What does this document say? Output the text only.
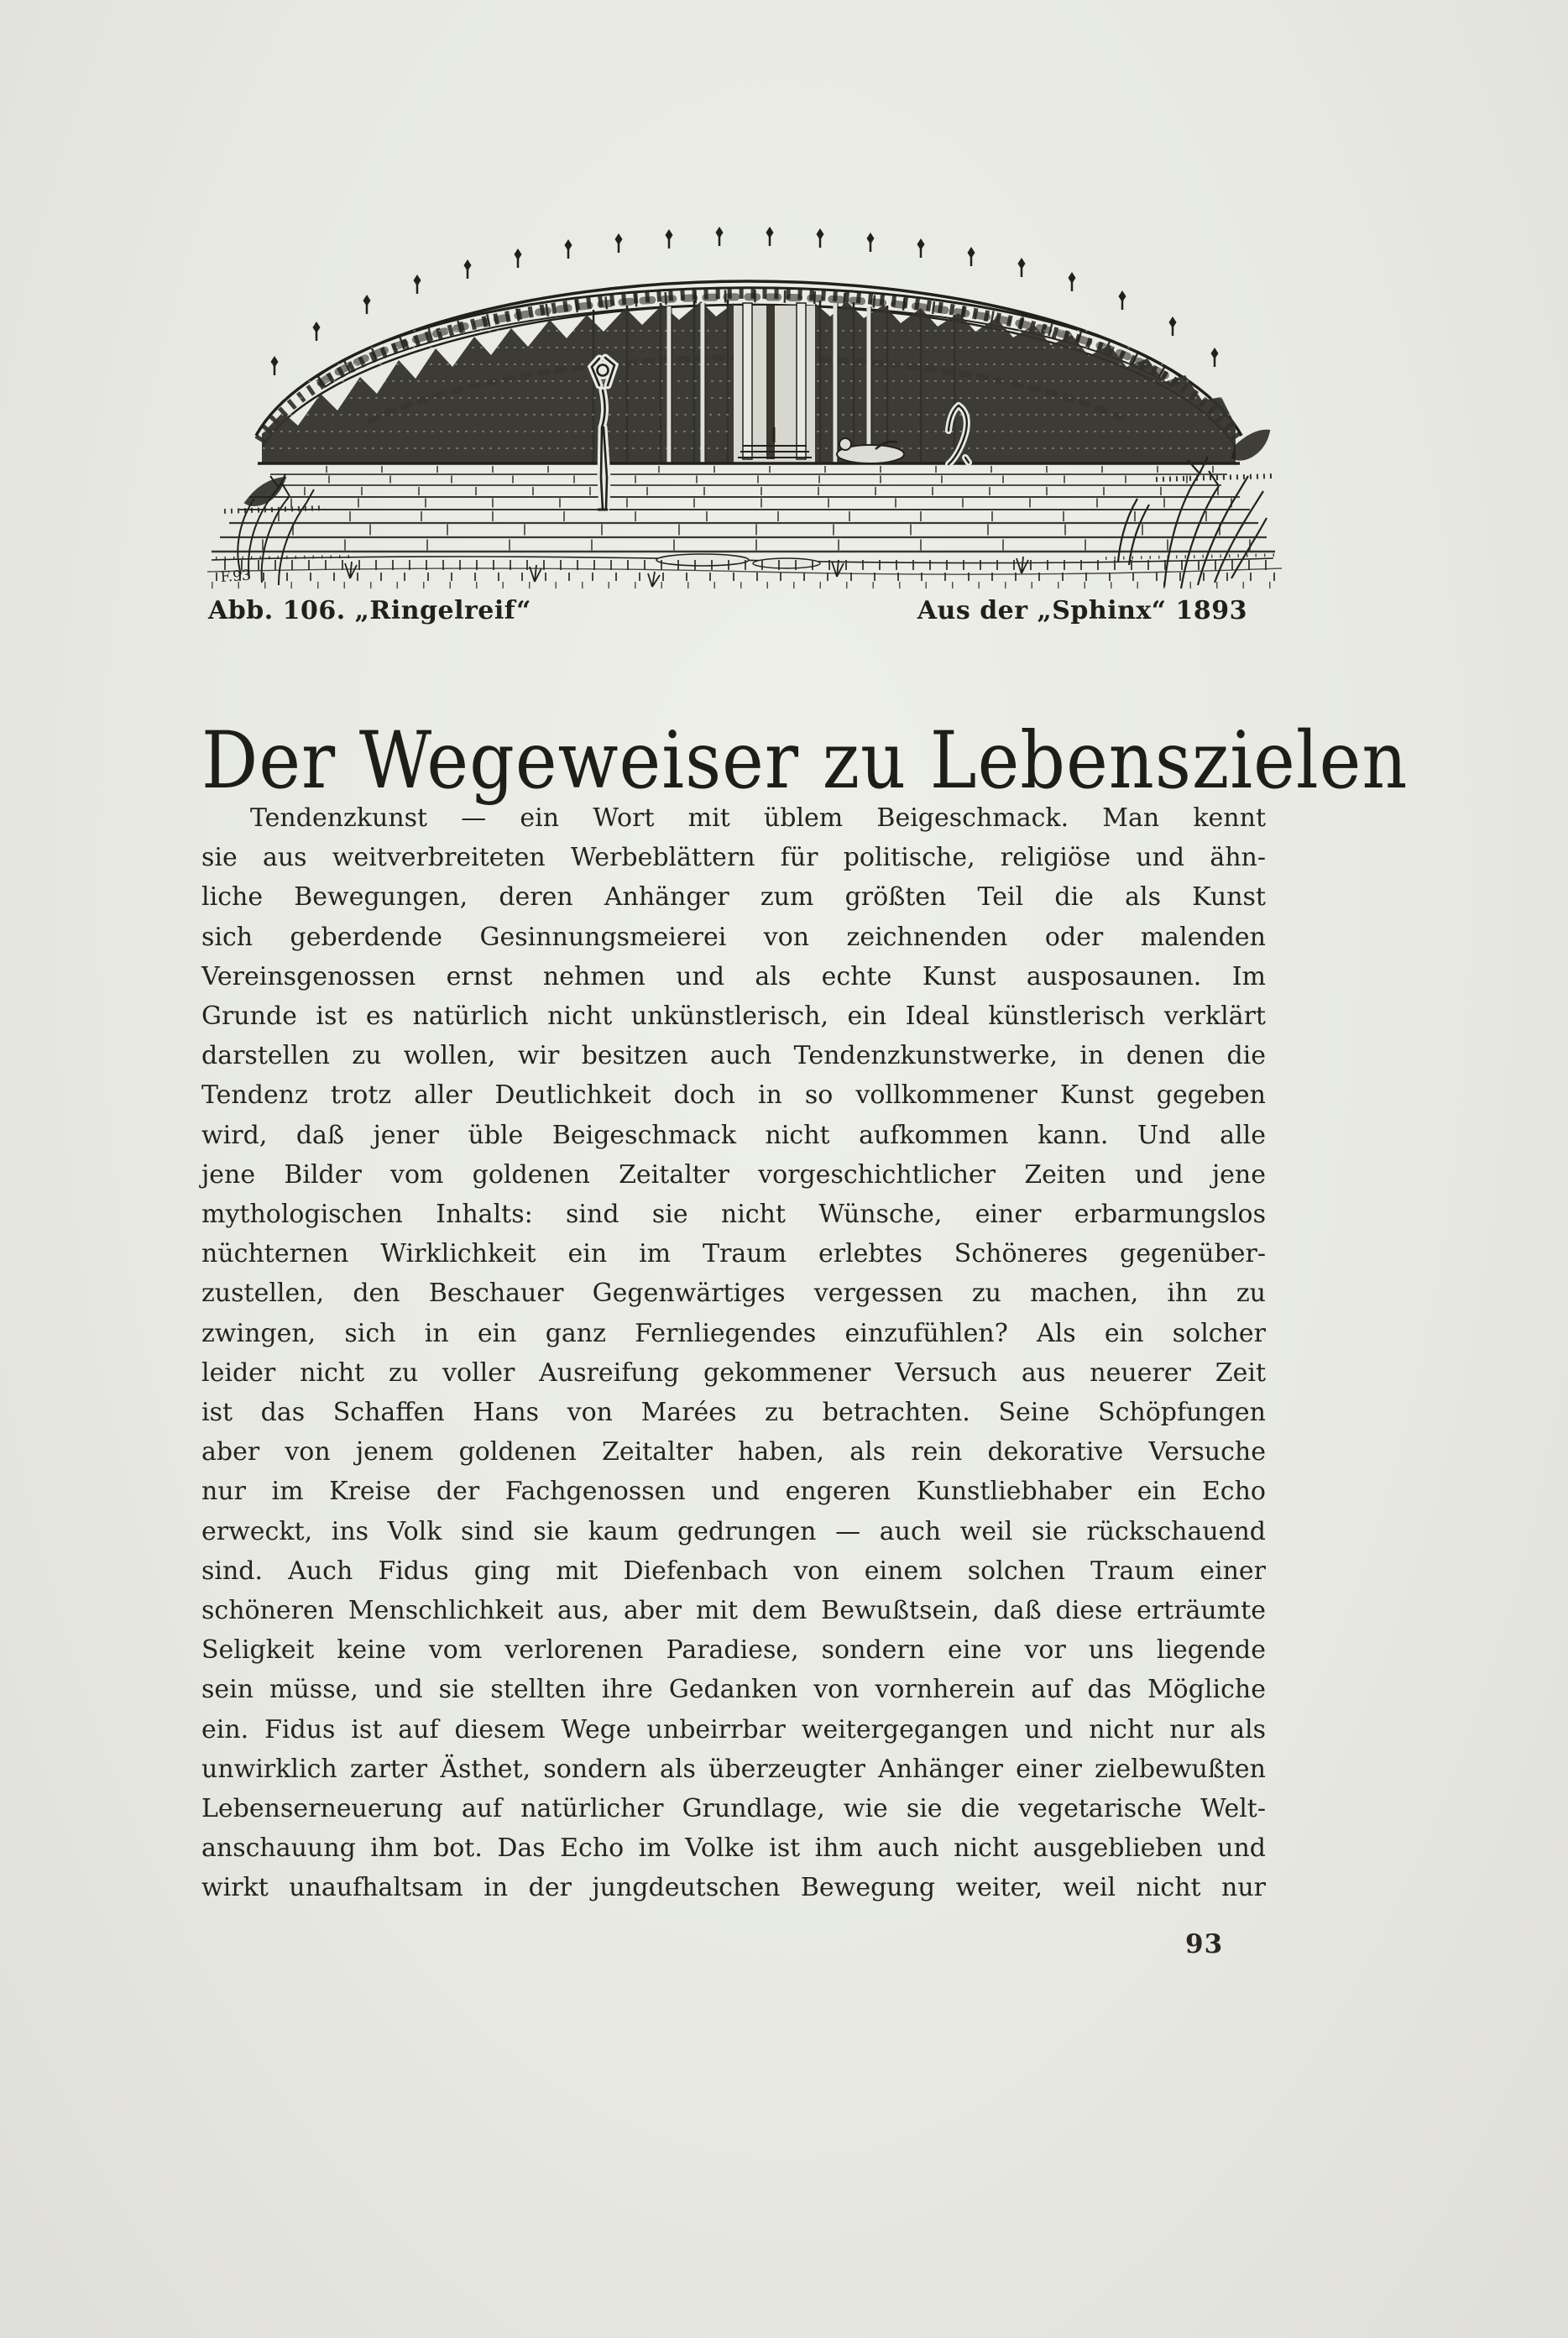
F.93
Abb. 106. „Ringelreif“	Aus der „Sphinx“ 1893
Der Wegeweiser zu Lebenszielen
Tendenzkunst — ein Wort mit üblem Beigeschmack. Man kennt
sie aus weitverbreiteten Werbeblättern für politische, religiöse und ähn-
liche Bewegungen, deren Anhänger zum größten Teil die als Kunst
sich geberdende Gesinnungsmeierei von zeichnenden oder malenden
Vereinsgenossen ernst nehmen und als echte Kunst ausposaunen. Im
Grunde ist es natürlich nicht unkünstlerisch, ein Ideal künstlerisch verklärt
darstellen zu wollen, wir besitzen auch Tendenzkunstwerke, in denen die
Tendenz trotz aller Deutlichkeit doch in so vollkommener Kunst gegeben
wird, daß jener üble Beigeschmack nicht aufkommen kann. Und alle
jene Bilder vom goldenen Zeitalter vorgeschichtlicher Zeiten und jene
mythologischen Inhalts: sind sie nicht Wünsche, einer erbarmungslos
nüchternen Wirklichkeit ein im Traum erlebtes Schöneres gegenüber-
zustellen, den Beschauer Gegenwärtiges vergessen zu machen, ihn zu
zwingen, sich in ein ganz Fernliegendes einzufühlen? Als ein solcher
leider nicht zu voller Ausreifung gekommener Versuch aus neuerer Zeit
ist das Schaffen Hans von Marées zu betrachten. Seine Schöpfungen
aber von jenem goldenen Zeitalter haben, als rein dekorative Versuche
nur im Kreise der Fachgenossen und engeren Kunstliebhaber ein Echo
erweckt, ins Volk sind sie kaum gedrungen — auch weil sie rückschauend
sind. Auch Fidus ging mit Diefenbach von einem solchen Traum einer
schöneren Menschlichkeit aus, aber mit dem Bewußtsein, daß diese erträumte
Seligkeit keine vom verlorenen Paradiese, sondern eine vor uns liegende
sein müsse, und sie stellten ihre Gedanken von vornherein auf das Mögliche
ein. Fidus ist auf diesem Wege unbeirrbar weitergegangen und nicht nur als
unwirklich zarter Ästhet, sondern als überzeugter Anhänger einer zielbewußten
Lebenserneuerung auf natürlicher Grundlage, wie sie die vegetarische Welt-
anschauung ihm bot. Das Echo im Volke ist ihm auch nicht ausgeblieben und
wirkt unaufhaltsam in der jungdeutschen Bewegung weiter, weil nicht nur
93
